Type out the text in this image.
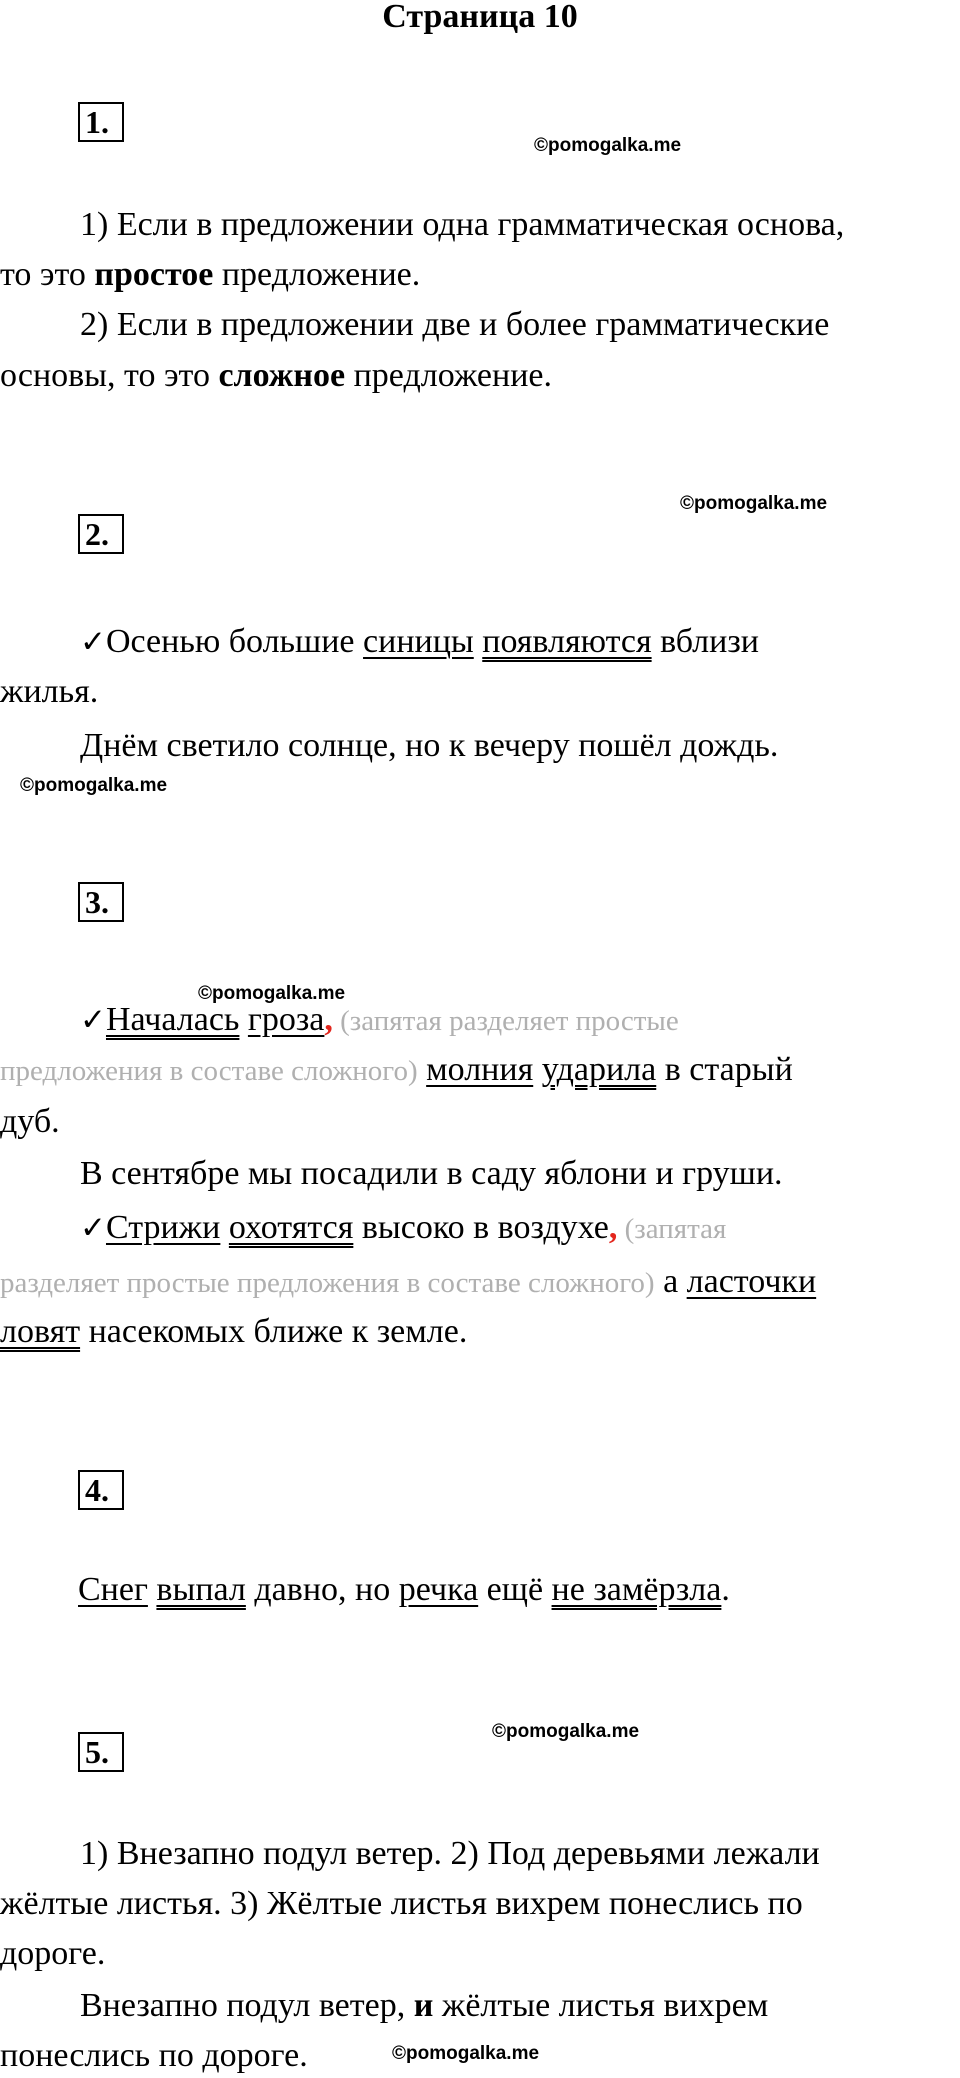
Страница 10
1.
©pomogalka.me
1) Если в предложении одна грамматическая основа,
то это простое предложение.
2) Если в предложении две и более грамматические
основы, то это сложное предложение.
©pomogalka.me
2.
✓Осенью большие синицы появляются вблизи
жилья.
Днём светило солнце, но к вечеру пошёл дождь.
©pomogalka.me
3.
©pomogalka.me
✓Началась гроза, (запятая разделяет простые
предложения в составе сложного) молния ударила в старый
дуб.
В сентябре мы посадили в саду яблони и груши.
✓Стрижи охотятся высоко в воздухе, (запятая
разделяет простые предложения в составе сложного) а ласточки
ловят насекомых ближе к земле.
4.
Снег выпал давно, но речка ещё не замёрзла.
©pomogalka.me
5.
1) Внезапно подул ветер. 2) Под деревьями лежали
жёлтые листья. 3) Жёлтые листья вихрем понеслись по
дороге.
Внезапно подул ветер, и жёлтые листья вихрем
понеслись по дороге.	©pomogalka.me
